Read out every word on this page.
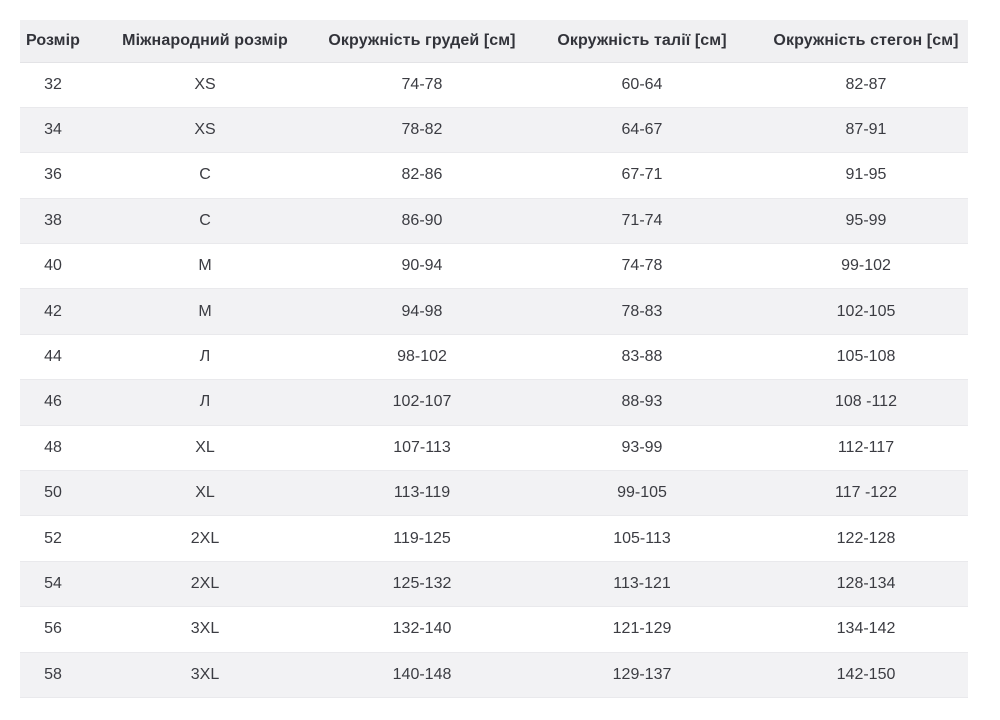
Розмір	Міжнародний розмір	Окружність грудей [см]	Окружність талії [см]	Окружність стегон [см]
32	XS	74-78	60-64	82-87
34	XS	78-82	64-67	87-91
36	С	82-86	67-71	91-95
38	С	86-90	71-74	95-99
40	М	90-94	74-78	99-102
42	М	94-98	78-83	102-105
44	Л	98-102	83-88	105-108
46	Л	102-107	88-93	108 -112
48	XL	107-113	93-99	112-117
50	XL	113-119	99-105	117 -122
52	2XL	119-125	105-113	122-128
54	2XL	125-132	113-121	128-134
56	3XL	132-140	121-129	134-142
58	3XL	140-148	129-137	142-150
